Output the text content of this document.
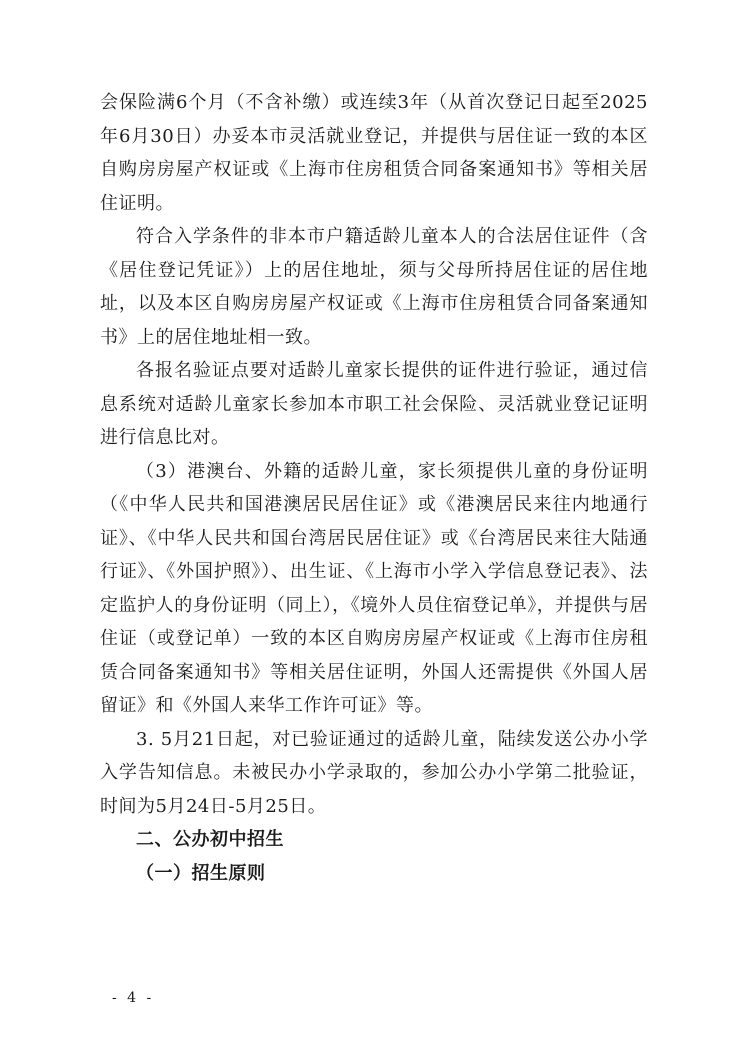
会保险满6个月（不含补缴）或连续3年（从首次登记日起至2025年6月30日）办妥本市灵活就业登记，并提供与居住证一致的本区自购房房屋产权证或《上海市住房租赁合同备案通知书》等相关居住证明。

符合入学条件的非本市户籍适龄儿童本人的合法居住证件（含《居住登记凭证》）上的居住地址，须与父母所持居住证的居住地址，以及本区自购房房屋产权证或《上海市住房租赁合同备案通知书》上的居住地址相一致。

各报名验证点要对适龄儿童家长提供的证件进行验证，通过信息系统对适龄儿童家长参加本市职工社会保险、灵活就业登记证明进行信息比对。

（3）港澳台、外籍的适龄儿童，家长须提供儿童的身份证明（《中华人民共和国港澳居民居住证》或《港澳居民来往内地通行证》、《中华人民共和国台湾居民居住证》或《台湾居民来往大陆通行证》、《外国护照》）、出生证、《上海市小学入学信息登记表》、法定监护人的身份证明（同上），《境外人员住宿登记单》，并提供与居住证（或登记单）一致的本区自购房房屋产权证或《上海市住房租赁合同备案通知书》等相关居住证明，外国人还需提供《外国人居留证》和《外国人来华工作许可证》等。

3. 5月21日起，对已验证通过的适龄儿童，陆续发送公办小学入学告知信息。未被民办小学录取的，参加公办小学第二批验证，时间为5月24日-5月25日。

二、公办初中招生

（一）招生原则

- 4 -
